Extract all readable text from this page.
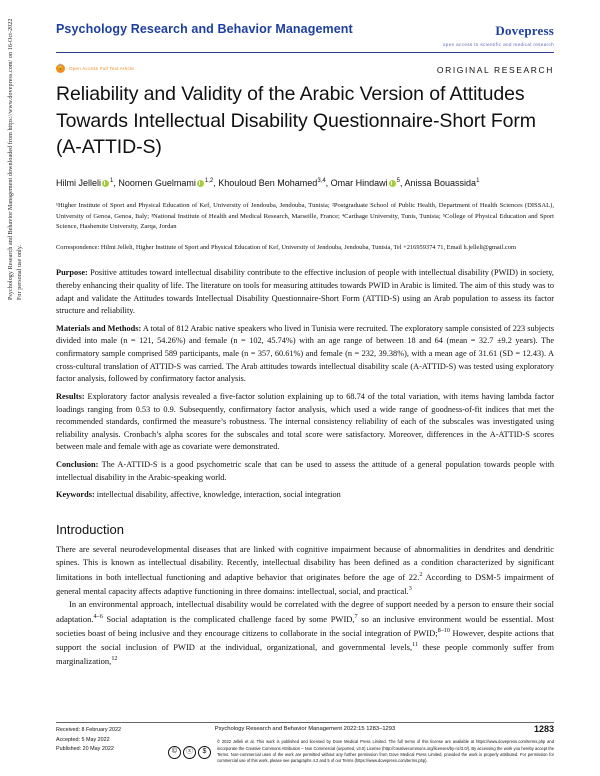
Psychology Research and Behavior Management	Dovepress
open access to scientific and medical research
🔓 Open Access Full Text Article	ORIGINAL RESEARCH
Reliability and Validity of the Arabic Version of Attitudes Towards Intellectual Disability Questionnaire-Short Form (A-ATTID-S)
Hilmi Jelleli $^1$, Noomen Guelmami $^{1,2}$, Khouloud Ben Mohamed$^{3,4}$, Omar Hindawi $^5$, Anissa Bouassida$^1$
¹Higher Institute of Sport and Physical Education of Kef, University of Jendouba, Jendouba, Tunisia; ²Postgraduate School of Public Health, Department of Health Sciences (DISSAL), University of Genoa, Genoa, Italy; ³National Institute of Health and Medical Research, Marseille, France; ⁴Carthage University, Tunis, Tunisia; ⁵College of Physical Education and Sport Science, Hashemite University, Zarqa, Jordan
Correspondence: Hilmi Jelleli, Higher Institute of Sport and Physical Education of Kef, University of Jendouba, Jendouba, Tunisia, Tel +216959374 71, Email h.jelleli@gmail.com

Purpose: Positive attitudes toward intellectual disability contribute to the effective inclusion of people with intellectual disability (PWID) in society, thereby enhancing their quality of life. The literature on tools for measuring attitudes towards PWID in Arabic is limited. The aim of this study was to adapt and validate the Attitudes towards Intellectual Disability Questionnaire-Short Form (ATTID-S) using an Arab population to assess its factor structure and reliability.

Materials and Methods: A total of 812 Arabic native speakers who lived in Tunisia were recruited. The exploratory sample consisted of 223 subjects divided into male (n = 121, 54.26%) and female (n = 102, 45.74%) with an age range of between 18 and 64 (mean = 32.7 ±9.2 years). The confirmatory sample comprised 589 participants, male (n = 357, 60.61%) and female (n = 232, 39.38%), with a mean age of 31.61 (SD = 12.43). A cross-cultural translation of ATTID-S was carried. The Arab attitudes towards intellectual disability scale (A-ATTID-S) was tested using exploratory factor analysis, followed by confirmatory factor analysis.

Results: Exploratory factor analysis revealed a five-factor solution explaining up to 68.74 of the total variation, with items having lambda factor loadings ranging from 0.53 to 0.9. Subsequently, confirmatory factor analysis, which used a wide range of goodness-of-fit indices that met the recommended standards, confirmed the measure’s robustness. The internal consistency reliability of each of the subscales was investigated using reliability analysis. Cronbach’s alpha scores for the subscales and total score were satisfactory. Moreover, differences in the A-ATTID-S scores between male and female with age as covariate were demonstrated.

Conclusion: The A-ATTID-S is a good psychometric scale that can be used to assess the attitude of a general population towards people with intellectual disability in the Arabic-speaking world.

Keywords: intellectual disability, affective, knowledge, interaction, social integration

Introduction

There are several neurodevelopmental diseases that are linked with cognitive impairment because of abnormalities in dendrites and dendritic spines. This is known as intellectual disability. Recently, intellectual disability has been defined as a condition characterized by significant limitations in both intellectual functioning and adaptive behavior that originates before the age of 22.$^2$ According to DSM-5 impairment of general mental capacity affects adaptive functioning in three domains: intellectual, social, and practical.$^3$

In an environmental approach, intellectual disability would be correlated with the degree of support needed by a person to ensure their social adaptation.$^{4-6}$ Social adaptation is the complicated challenge faced by some PWID,$^7$ so an inclusive environment would be essential. Most societies boast of being inclusive and they encourage citizens to collaborate in the social integration of PWID;$^{8-10}$ However, despite actions that support the social inclusion of PWID at the individual, organizational, and governmental levels,$^{11}$ these people commonly suffer from marginalization,$^{12}$

Psychology Research and Behavior Management downloaded from https://www.dovepress.com/ on 16-Oct-2022 For personal use only.
Received: 8 February 2022
Accepted: 5 May 2022
Published: 20 May 2022
Psychology Research and Behavior Management 2022:15 1283–1293	1283
©	ⓧ	$
© 2022 Jelleli et al. This work is published and licensed by Dove Medical Press Limited. The full terms of this license are available at https://www.dovepress.com/terms.php and incorporate the Creative Commons Attribution – Non Commercial (unported, v3.0) License (http://creativecommons.org/licenses/by-nc/3.0/). By accessing the work you hereby accept the Terms. Non-commercial uses of the work are permitted without any further permission from Dove Medical Press Limited, provided the work is properly attributed. For permission for commercial use of this work, please see paragraphs 4.2 and 5 of our Terms (https://www.dovepress.com/terms.php).
